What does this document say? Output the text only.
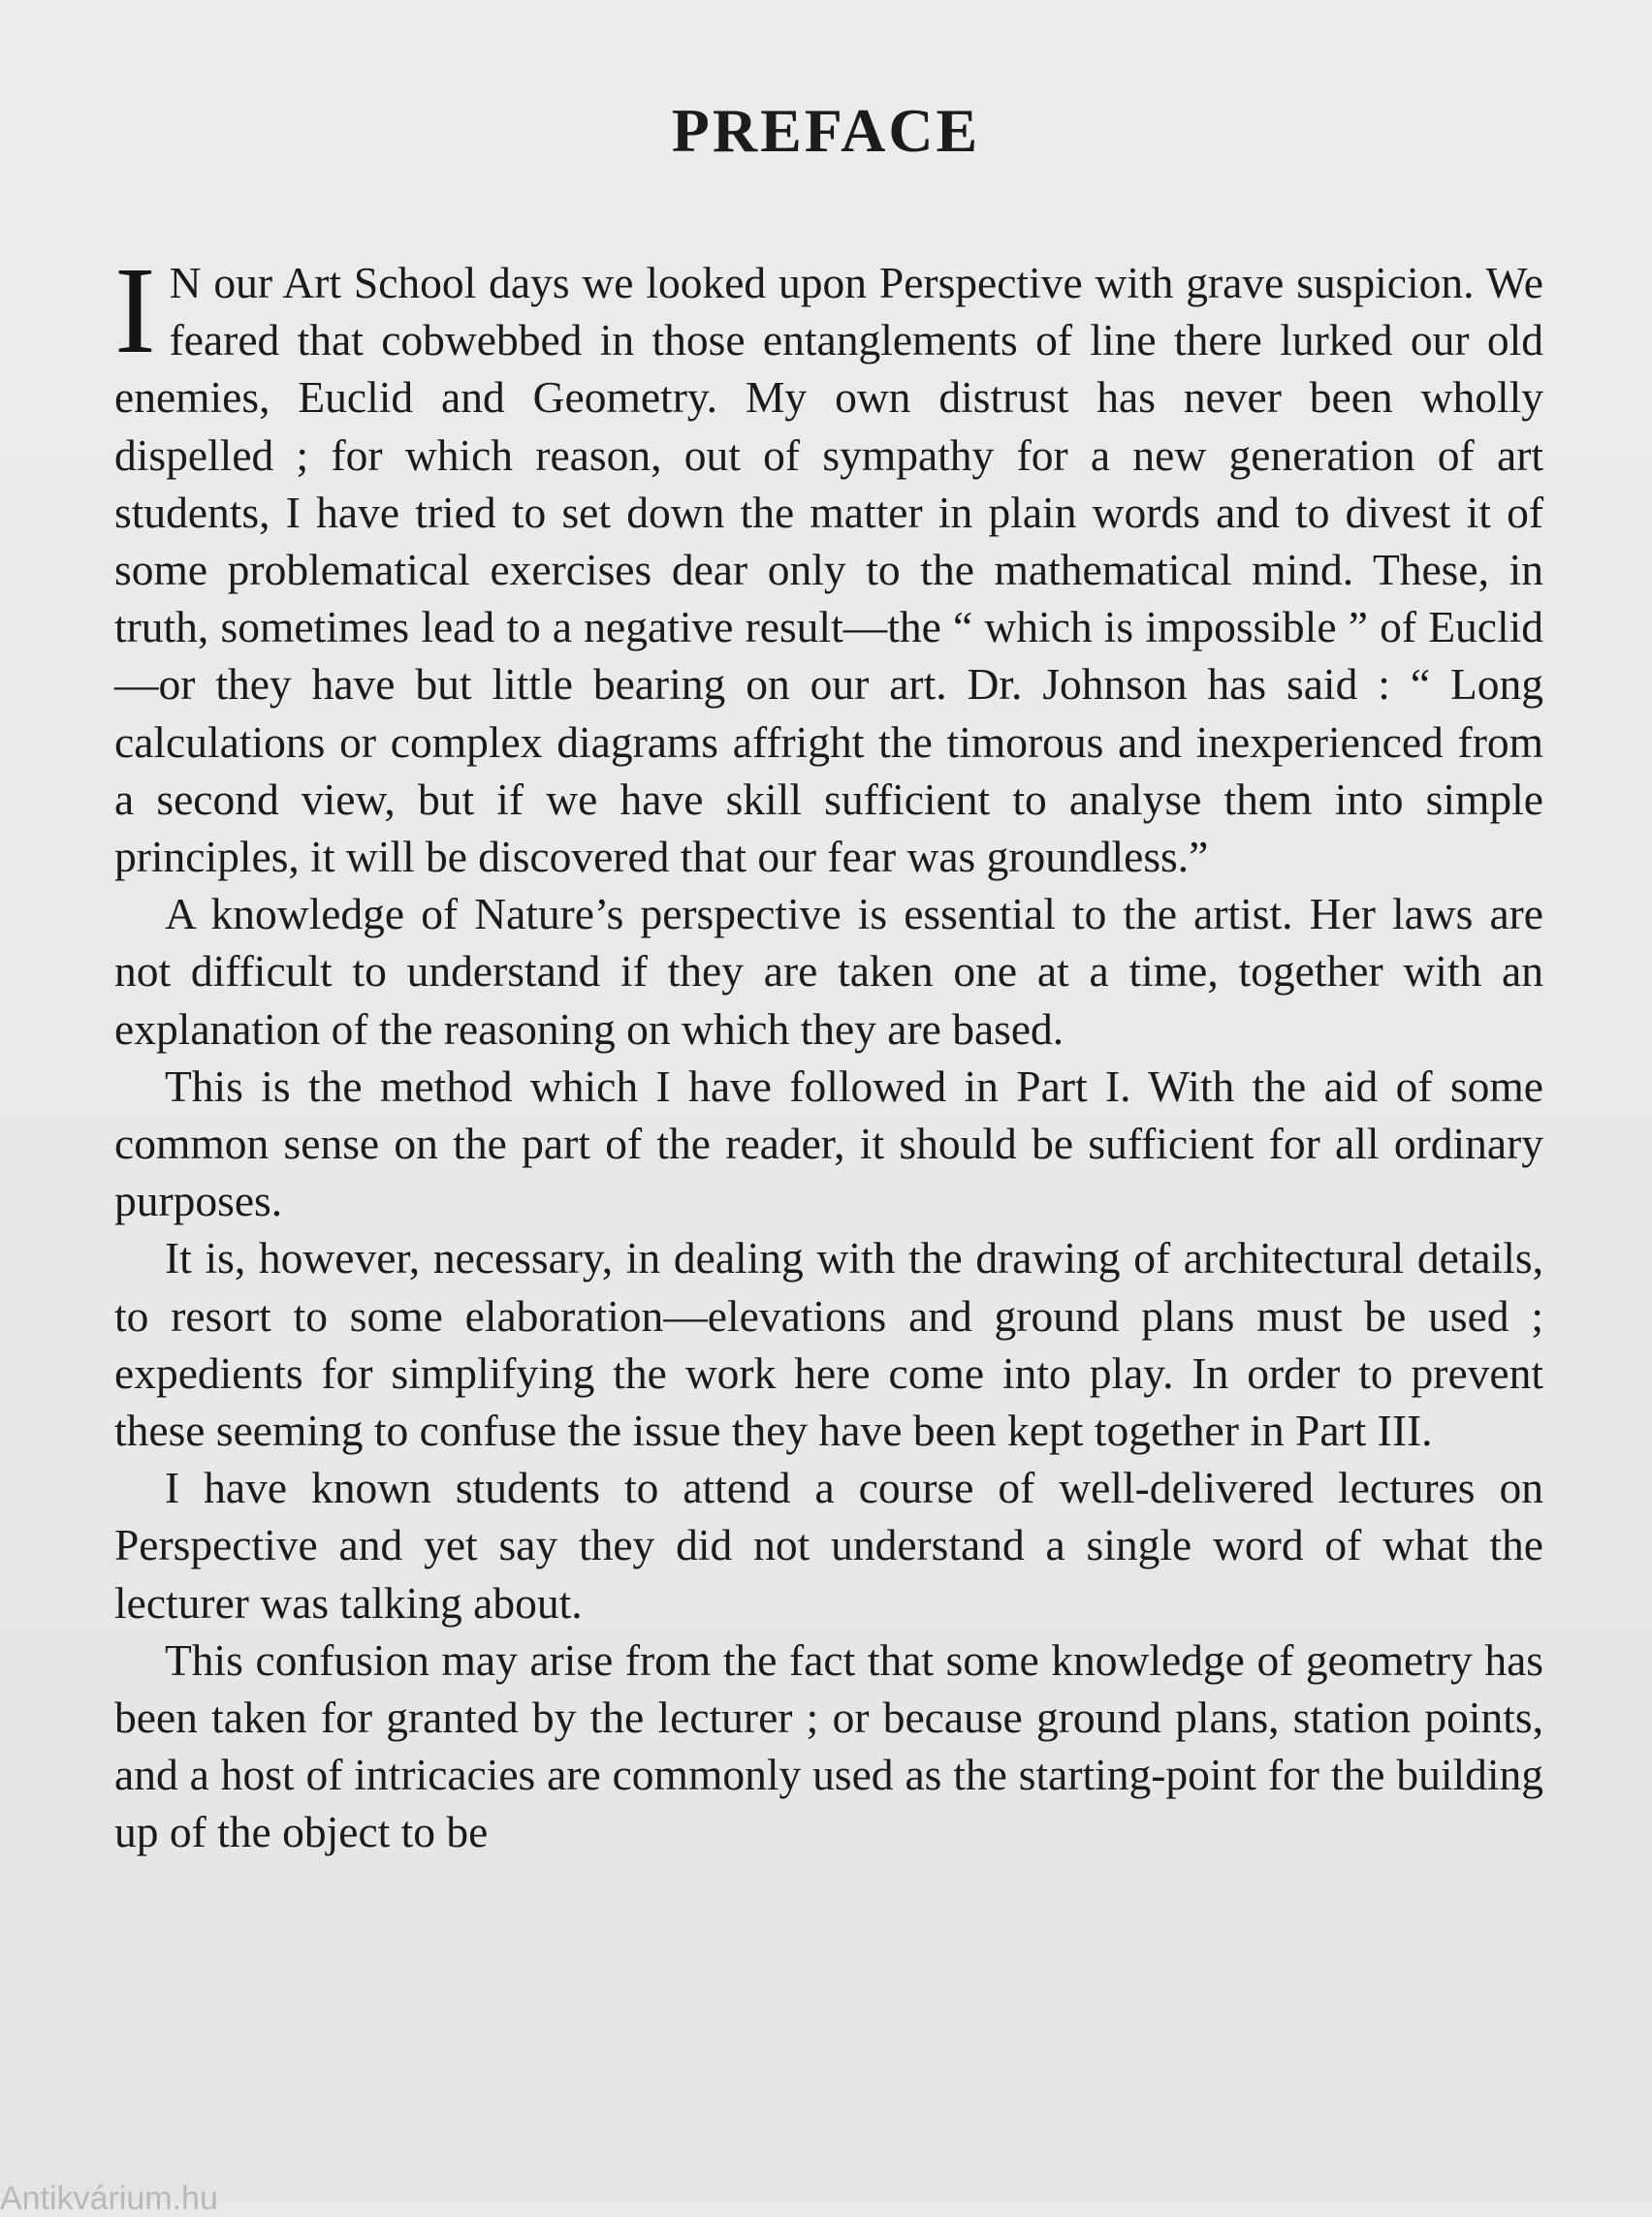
PREFACE

I N our Art School days we looked upon Perspective with grave suspicion. We feared that cobwebbed in those entanglements of line there lurked our old enemies, Euclid and Geometry. My own distrust has never been wholly dispelled ; for which reason, out of sympathy for a new generation of art students, I have tried to set down the matter in plain words and to divest it of some problematical exercises dear only to the mathematical mind. These, in truth, sometimes lead to a negative result—the “ which is impossible ” of Euclid—or they have but little bearing on our art. Dr. Johnson has said : “ Long calculations or complex diagrams affright the timorous and inexperienced from a second view, but if we have skill sufficient to analyse them into simple principles, it will be discovered that our fear was groundless.”

A knowledge of Nature’s perspective is essential to the artist. Her laws are not difficult to understand if they are taken one at a time, together with an explanation of the reasoning on which they are based.

This is the method which I have followed in Part I. With the aid of some common sense on the part of the reader, it should be sufficient for all ordinary purposes.

It is, however, necessary, in dealing with the drawing of architectural details, to resort to some elaboration—elevations and ground plans must be used ; expedients for simplifying the work here come into play. In order to prevent these seeming to confuse the issue they have been kept together in Part III.

I have known students to attend a course of well-delivered lectures on Perspective and yet say they did not understand a single word of what the lecturer was talking about.

This confusion may arise from the fact that some knowledge of geometry has been taken for granted by the lecturer ; or because ground plans, station points, and a host of intricacies are commonly used as the starting-point for the building up of the object to be

Antikvárium.hu
